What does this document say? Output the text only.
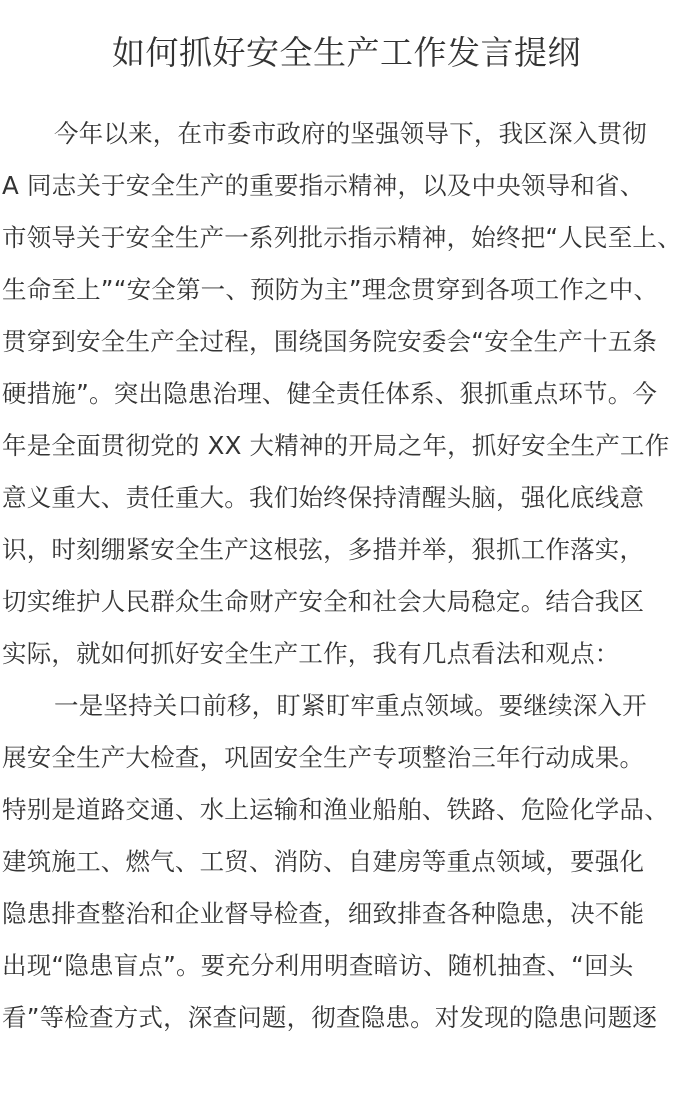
如何抓好安全生产工作发言提纲
今年以来，在市委市政府的坚强领导下，我区深入贯彻
A 同志关于安全生产的重要指示精神，以及中央领导和省、
市领导关于安全生产一系列批示指示精神，始终把“人民至上、
生命至上”“安全第一、预防为主”理念贯穿到各项工作之中、
贯穿到安全生产全过程，围绕国务院安委会“安全生产十五条
硬措施”。突出隐患治理、健全责任体系、狠抓重点环节。今
年是全面贯彻党的 XX 大精神的开局之年，抓好安全生产工作
意义重大、责任重大。我们始终保持清醒头脑，强化底线意
识，时刻绷紧安全生产这根弦，多措并举，狠抓工作落实，
切实维护人民群众生命财产安全和社会大局稳定。结合我区
实际，就如何抓好安全生产工作，我有几点看法和观点：
一是坚持关口前移，盯紧盯牢重点领域。要继续深入开
展安全生产大检查，巩固安全生产专项整治三年行动成果。
特别是道路交通、水上运输和渔业船舶、铁路、危险化学品、
建筑施工、燃气、工贸、消防、自建房等重点领域，要强化
隐患排查整治和企业督导检查，细致排查各种隐患，决不能
出现“隐患盲点”。要充分利用明查暗访、随机抽查、“回头
看”等检查方式，深查问题，彻查隐患。对发现的隐患问题逐
